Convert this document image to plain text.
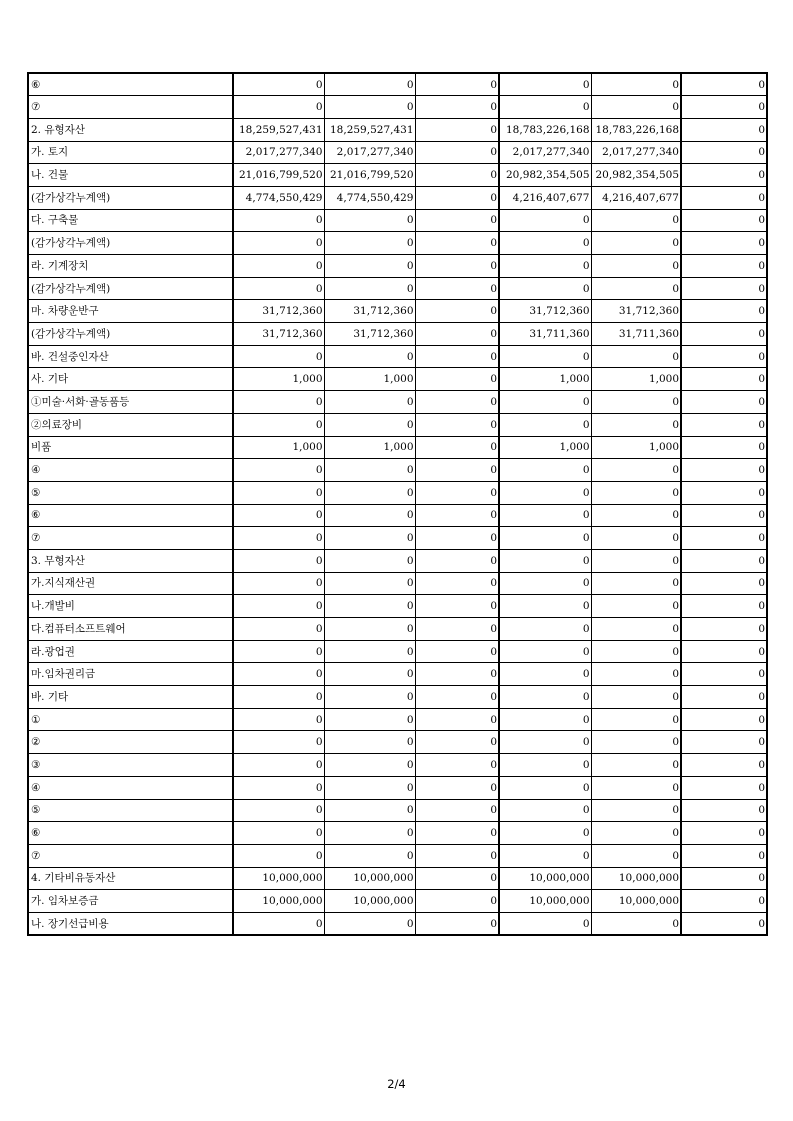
⑥	0	0	0	0	0	0
⑦	0	0	0	0	0	0
2. 유형자산	18,259,527,431	18,259,527,431	0	18,783,226,168	18,783,226,168	0
가. 토지	2,017,277,340	2,017,277,340	0	2,017,277,340	2,017,277,340	0
나. 건물	21,016,799,520	21,016,799,520	0	20,982,354,505	20,982,354,505	0
(감가상각누계액)	4,774,550,429	4,774,550,429	0	4,216,407,677	4,216,407,677	0
다. 구축물	0	0	0	0	0	0
(감가상각누계액)	0	0	0	0	0	0
라. 기계장치	0	0	0	0	0	0
(감가상각누계액)	0	0	0	0	0	0
마. 차량운반구	31,712,360	31,712,360	0	31,712,360	31,712,360	0
(감가상각누계액)	31,712,360	31,712,360	0	31,711,360	31,711,360	0
바. 건설중인자산	0	0	0	0	0	0
사. 기타	1,000	1,000	0	1,000	1,000	0
①미술·서화·골동품등	0	0	0	0	0	0
②의료장비	0	0	0	0	0	0
비품	1,000	1,000	0	1,000	1,000	0
④	0	0	0	0	0	0
⑤	0	0	0	0	0	0
⑥	0	0	0	0	0	0
⑦	0	0	0	0	0	0
3. 무형자산	0	0	0	0	0	0
가.지식재산권	0	0	0	0	0	0
나.개발비	0	0	0	0	0	0
다.컴퓨터소프트웨어	0	0	0	0	0	0
라.광업권	0	0	0	0	0	0
마.임차권리금	0	0	0	0	0	0
바. 기타	0	0	0	0	0	0
①	0	0	0	0	0	0
②	0	0	0	0	0	0
③	0	0	0	0	0	0
④	0	0	0	0	0	0
⑤	0	0	0	0	0	0
⑥	0	0	0	0	0	0
⑦	0	0	0	0	0	0
4. 기타비유동자산	10,000,000	10,000,000	0	10,000,000	10,000,000	0
가. 임차보증금	10,000,000	10,000,000	0	10,000,000	10,000,000	0
나. 장기선급비용	0	0	0	0	0	0
2/4
